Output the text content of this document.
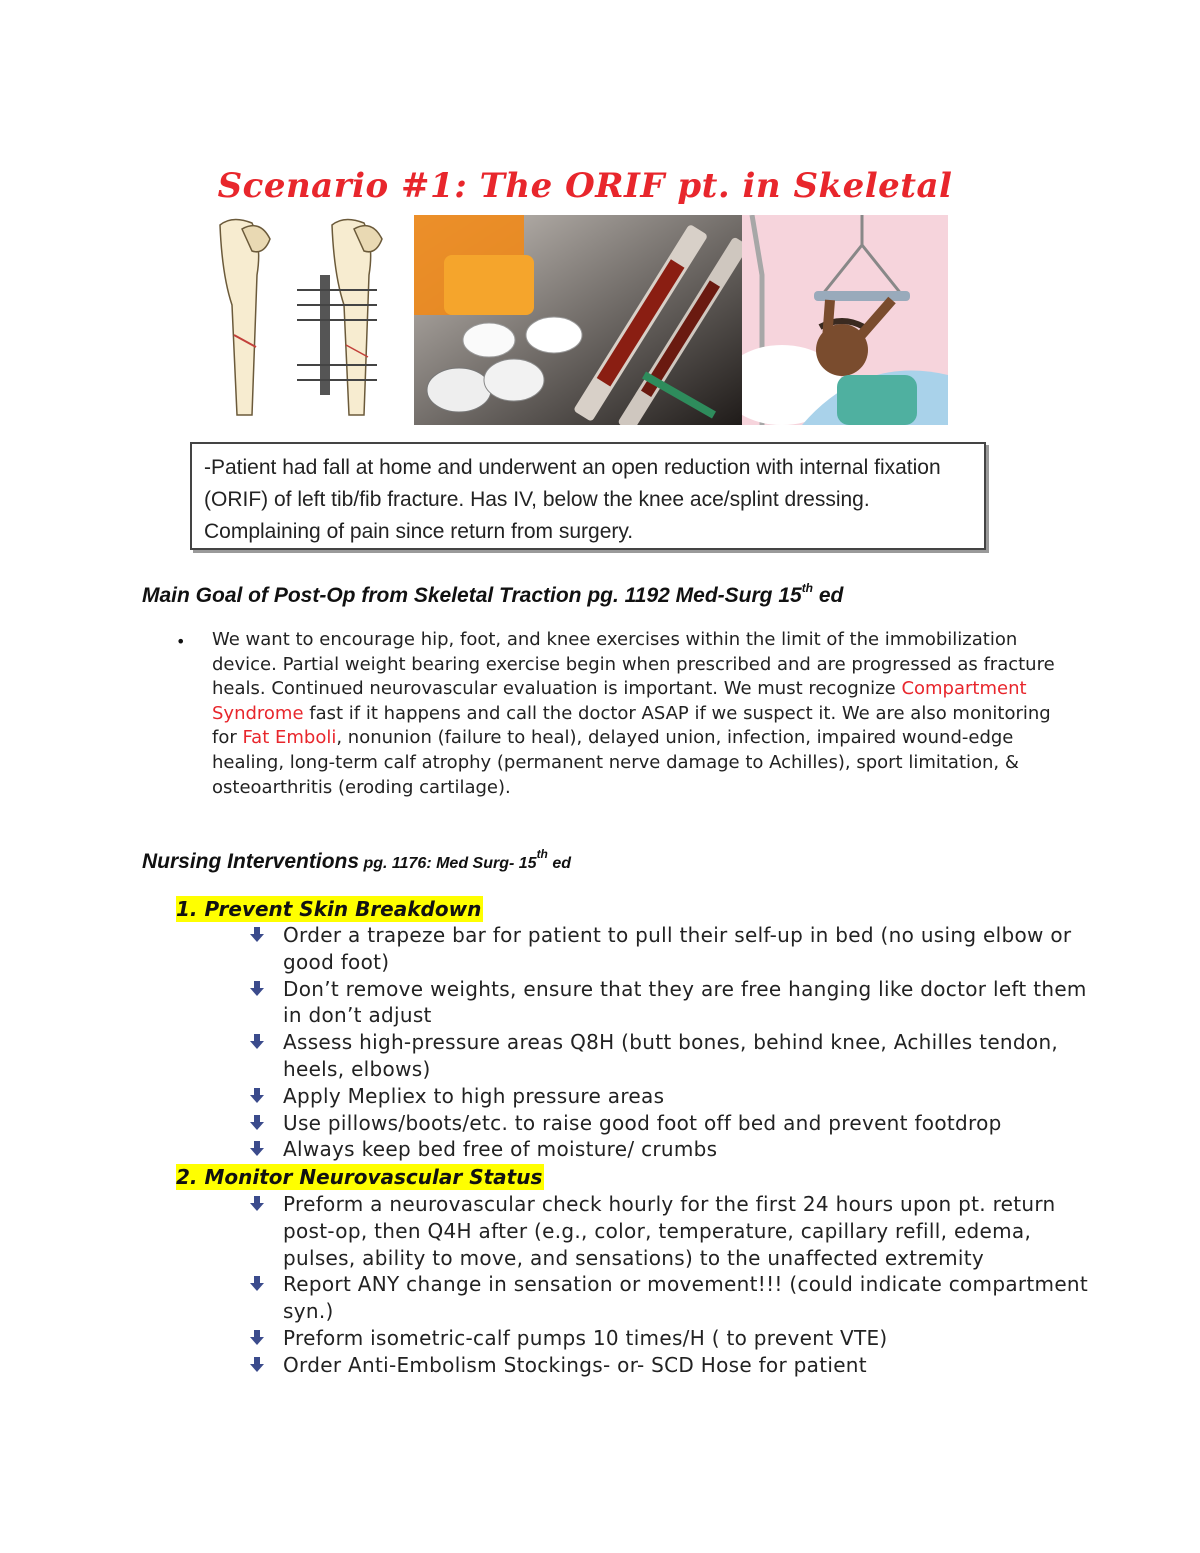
Scenario #1: The ORIF pt. in Skeletal
-Patient had fall at home and underwent an open reduction with internal fixation (ORIF) of left tib/fib fracture. Has IV, below the knee ace/splint dressing. Complaining of pain since return from surgery.
Main Goal of Post-Op from Skeletal Traction pg. 1192 Med-Surg 15th ed
• We want to encourage hip, foot, and knee exercises within the limit of the immobilization device. Partial weight bearing exercise begin when prescribed and are progressed as fracture heals. Continued neurovascular evaluation is important. We must recognize Compartment Syndrome fast if it happens and call the doctor ASAP if we suspect it. We are also monitoring for Fat Emboli, nonunion (failure to heal), delayed union, infection, impaired wound-edge healing, long-term calf atrophy (permanent nerve damage to Achilles), sport limitation, & osteoarthritis (eroding cartilage).
Nursing Interventions pg. 1176: Med Surg- 15th ed
1. Prevent Skin Breakdown
Order a trapeze bar for patient to pull their self-up in bed (no using elbow or good foot)
Don’t remove weights, ensure that they are free hanging like doctor left them in don’t adjust
Assess high-pressure areas Q8H (butt bones, behind knee, Achilles tendon, heels, elbows)
Apply Mepliex to high pressure areas
Use pillows/boots/etc. to raise good foot off bed and prevent footdrop
Always keep bed free of moisture/ crumbs
2. Monitor Neurovascular Status
Preform a neurovascular check hourly for the first 24 hours upon pt. return post-op, then Q4H after (e.g., color, temperature, capillary refill, edema, pulses, ability to move, and sensations) to the unaffected extremity
Report ANY change in sensation or movement!!! (could indicate compartment syn.)
Preform isometric-calf pumps 10 times/H ( to prevent VTE)
Order Anti-Embolism Stockings- or- SCD Hose for patient
